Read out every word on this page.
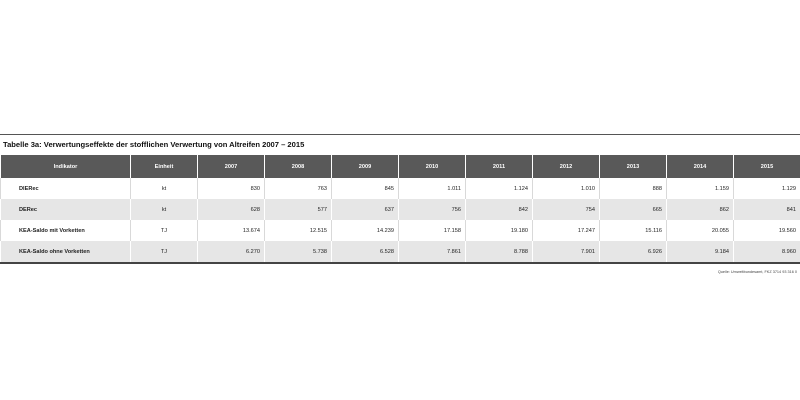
Tabelle 3a: Verwertungseffekte der stofflichen Verwertung von Altreifen 2007 – 2015
Indikator	Einheit	2007	2008	2009	2010	2011	2012	2013	2014	2015
DIERec	kt	830	763	845	1.011	1.124	1.010	888	1.159	1.129
DERec	kt	628	577	637	756	842	754	665	862	841
KEA-Saldo mit Vorketten	TJ	13.674	12.515	14.239	17.158	19.180	17.247	15.116	20.055	19.560
KEA-Saldo ohne Vorketten	TJ	6.270	5.738	6.528	7.861	8.788	7.901	6.926	9.184	8.960
Quelle: Umweltbundesamt, FKZ 3714 93 316 0
